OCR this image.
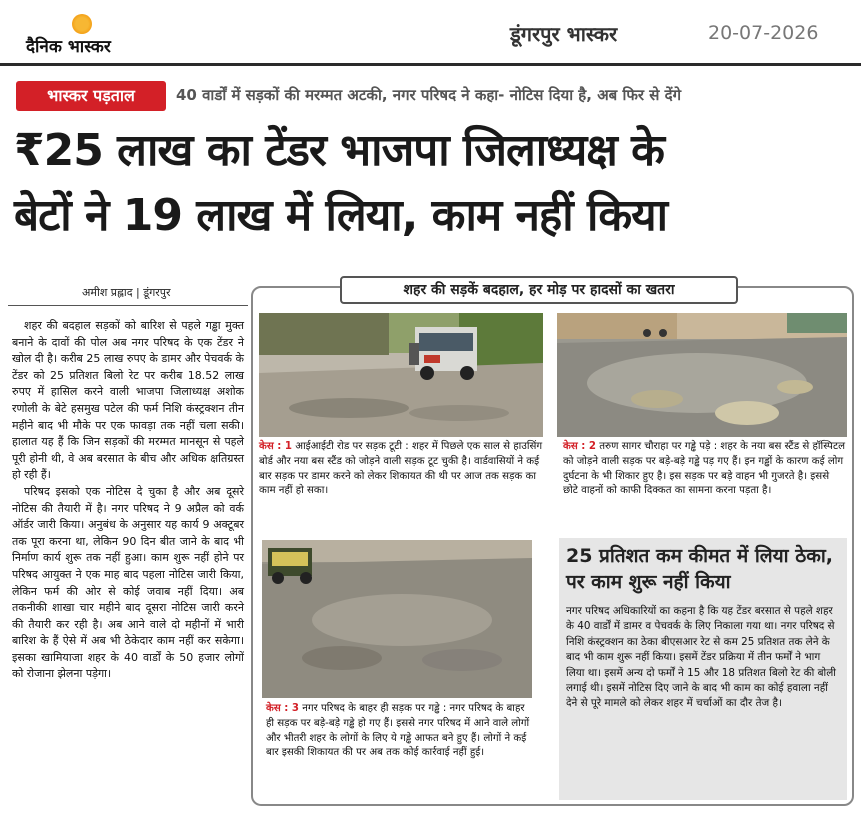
दैनिक भास्कर
डूंगरपुर भास्कर	20-07-2026
भास्कर पड़ताल	40 वार्डों में सड़कों की मरम्मत अटकी, नगर परिषद ने कहा- नोटिस दिया है, अब फिर से देंगे
₹25 लाख का टेंडर भाजपा जिलाध्यक्ष के
बेटों ने 19 लाख में लिया, काम नहीं किया
अमीश प्रह्लाद | डूंगरपुर

शहर की बदहाल सड़कों को बारिश से पहले गड्ढा मुक्त बनाने के दावों की पोल अब नगर परिषद के एक टेंडर ने खोल दी है। करीब 25 लाख रुपए के डामर और पेचवर्क के टेंडर को 25 प्रतिशत बिलो रेट पर करीब 18.52 लाख रुपए में हासिल करने वाली भाजपा जिलाध्यक्ष अशोक रणोली के बेटे हसमुख पटेल की फर्म निशि कंस्ट्रक्शन तीन महीने बाद भी मौके पर एक फावड़ा तक नहीं चला सकी। हालात यह हैं कि जिन सड़कों की मरम्मत मानसून से पहले पूरी होनी थी, वे अब बरसात के बीच और अधिक क्षतिग्रस्त हो रही हैं।

परिषद इसको एक नोटिस दे चुका है और अब दूसरे नोटिस की तैयारी में है। नगर परिषद ने 9 अप्रैल को वर्क ऑर्डर जारी किया। अनुबंध के अनुसार यह कार्य 9 अक्टूबर तक पूरा करना था, लेकिन 90 दिन बीत जाने के बाद भी निर्माण कार्य शुरू तक नहीं हुआ। काम शुरू नहीं होने पर परिषद आयुक्त ने एक माह बाद पहला नोटिस जारी किया, लेकिन फर्म की ओर से कोई जवाब नहीं दिया। अब तकनीकी शाखा चार महीने बाद दूसरा नोटिस जारी करने की तैयारी कर रही है। अब आने वाले दो महीनों में भारी बारिश के हैं ऐसे में अब भी ठेकेदार काम नहीं कर सकेगा। इसका खामियाजा शहर के 40 वार्डों के 50 हजार लोगों को रोजाना झेलना पड़ेगा।

शहर की सड़कें बदहाल, हर मोड़ पर हादसों का खतरा
केस : 1 आईआईटी रोड पर सड़क टूटी : शहर में पिछले एक साल से हाउसिंग बोर्ड और नया बस स्टैंड को जोड़ने वाली सड़क टूट चुकी है। वार्डवासियों ने कई बार सड़क पर डामर करने को लेकर शिकायत की थी पर आज तक सड़क का काम नहीं हो सका।
केस : 2 तरुण सागर चौराहा पर गड्ढे पड़े : शहर के नया बस स्टैंड से हॉस्पिटल को जोड़ने वाली सड़क पर बड़े-बड़े गड्ढे पड़ गए हैं। इन गड्ढों के कारण कई लोग दुर्घटना के भी शिकार हुए है। इस सड़क पर बड़े वाहन भी गुजरते है। इससे छोटे वाहनों को काफी दिक्कत का सामना करना पड़ता है।
केस : 3 नगर परिषद के बाहर ही सड़क पर गड्ढे : नगर परिषद के बाहर ही सड़क पर बड़े-बड़े गड्ढे हो गए हैं। इससे नगर परिषद में आने वाले लोगों और भीतरी शहर के लोगों के लिए ये गड्ढे आफत बने हुए हैं। लोगों ने कई बार इसकी शिकायत की पर अब तक कोई कार्रवाई नहीं हुई।
25 प्रतिशत कम कीमत में लिया ठेका, पर काम शुरू नहीं किया
नगर परिषद अधिकारियों का कहना है कि यह टेंडर बरसात से पहले शहर के 40 वार्डों में डामर व पेचवर्क के लिए निकाला गया था। नगर परिषद से निशि कंस्ट्रक्शन का ठेका बीएसआर रेट से कम 25 प्रतिशत तक लेने के बाद भी काम शुरू नहीं किया। इसमें टेंडर प्रक्रिया में तीन फर्मों ने भाग लिया था। इसमें अन्य दो फर्मों ने 15 और 18 प्रतिशत बिलो रेट की बोली लगाई थी। इसमें नोटिस दिए जाने के बाद भी काम का कोई हवाला नहीं देने से पूरे मामले को लेकर शहर में चर्चाओं का दौर तेज है।
